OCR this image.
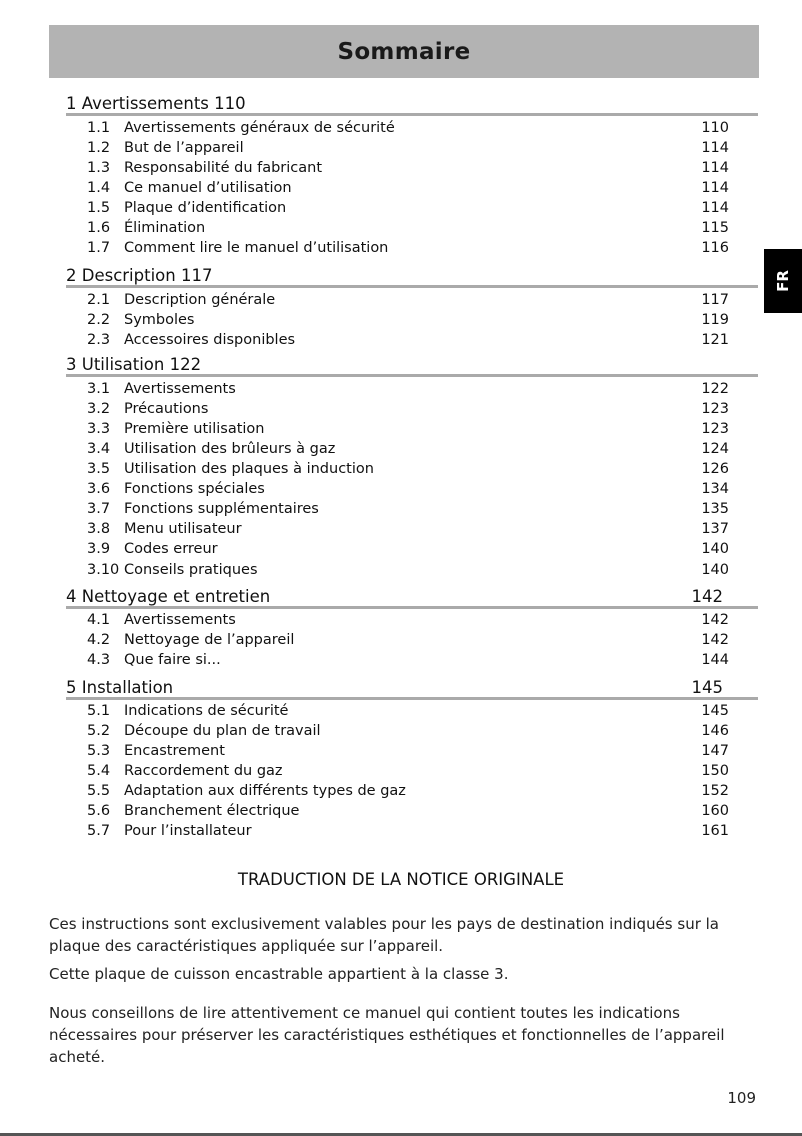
Sommaire
FR
1 Avertissements 110
1.1 Avertissements généraux de sécurité	110
1.2 But de l’appareil	114
1.3 Responsabilité du fabricant	114
1.4 Ce manuel d’utilisation	114
1.5 Plaque d’identification	114
1.6 Élimination	115
1.7 Comment lire le manuel d’utilisation	116
2 Description 117
2.1 Description générale	117
2.2 Symboles	119
2.3 Accessoires disponibles	121
3 Utilisation 122
3.1 Avertissements	122
3.2 Précautions	123
3.3 Première utilisation	123
3.4 Utilisation des brûleurs à gaz	124
3.5 Utilisation des plaques à induction	126
3.6 Fonctions spéciales	134
3.7 Fonctions supplémentaires	135
3.8 Menu utilisateur	137
3.9 Codes erreur	140
3.10 Conseils pratiques	140
4 Nettoyage et entretien	142
4.1 Avertissements	142
4.2 Nettoyage de l’appareil	142
4.3 Que faire si...	144
5 Installation	145
5.1 Indications de sécurité	145
5.2 Découpe du plan de travail	146
5.3 Encastrement	147
5.4 Raccordement du gaz	150
5.5 Adaptation aux différents types de gaz	152
5.6 Branchement électrique	160
5.7 Pour l’installateur	161
TRADUCTION DE LA NOTICE ORIGINALE

Ces instructions sont exclusivement valables pour les pays de destination indiqués sur la plaque des caractéristiques appliquée sur l’appareil.

Cette plaque de cuisson encastrable appartient à la classe 3.

Nous conseillons de lire attentivement ce manuel qui contient toutes les indications nécessaires pour préserver les caractéristiques esthétiques et fonctionnelles de l’appareil acheté.

109
